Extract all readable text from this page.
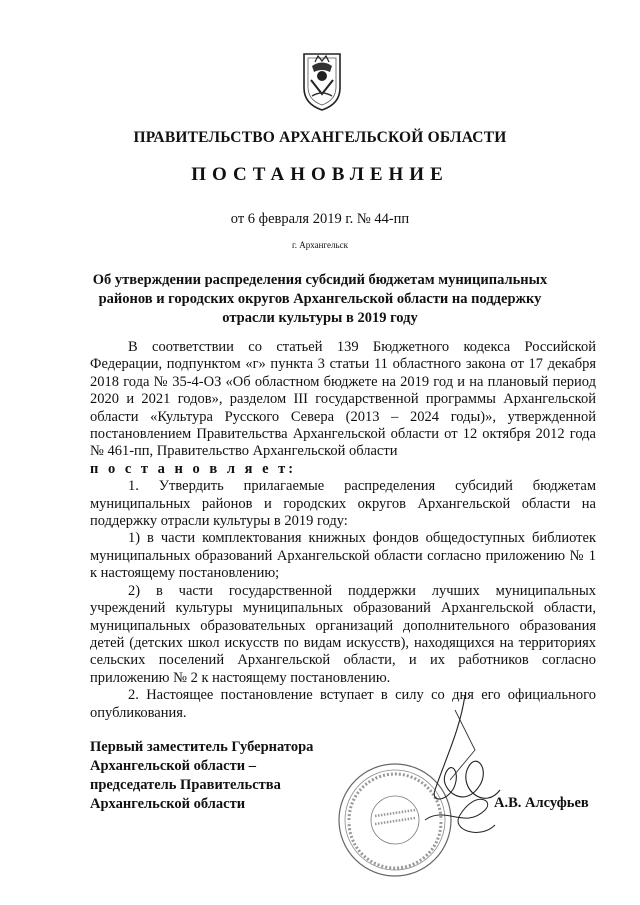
ПРАВИТЕЛЬСТВО АРХАНГЕЛЬСКОЙ ОБЛАСТИ
ПОСТАНОВЛЕНИЕ
от 6 февраля 2019 г. № 44-пп
г. Архангельск
Об утверждении распределения субсидий бюджетам муниципальных
районов и городских округов Архангельской области на поддержку
отрасли культуры в 2019 году

В соответствии со статьей 139 Бюджетного кодекса Российской Федерации, подпунктом «г» пункта 3 статьи 11 областного закона от 17 декабря 2018 года № 35-4-ОЗ «Об областном бюджете на 2019 год и на плановый период 2020 и 2021 годов», разделом III государственной программы Архангельской области «Культура Русского Севера (2013 – 2024 годы)», утвержденной постановлением Правительства Архангельской области от 12 октября 2012 года № 461-пп, Правительство Архангельской области

п о с т а н о в л я е т:

1. Утвердить прилагаемые распределения субсидий бюджетам муниципальных районов и городских округов Архангельской области на поддержку отрасли культуры в 2019 году:

1) в части комплектования книжных фондов общедоступных библиотек муниципальных образований Архангельской области согласно приложению № 1 к настоящему постановлению;

2) в части государственной поддержки лучших муниципальных учреждений культуры муниципальных образований Архангельской области, муниципальных образовательных организаций дополнительного образования детей (детских школ искусств по видам искусств), находящихся на территориях сельских поселений Архангельской области, и их работников согласно приложению № 2 к настоящему постановлению.

2. Настоящее постановление вступает в силу со дня его официального опубликования.

Первый заместитель Губернатора
Архангельской области –
председатель Правительства
Архангельской области	А.В. Алсуфьев
